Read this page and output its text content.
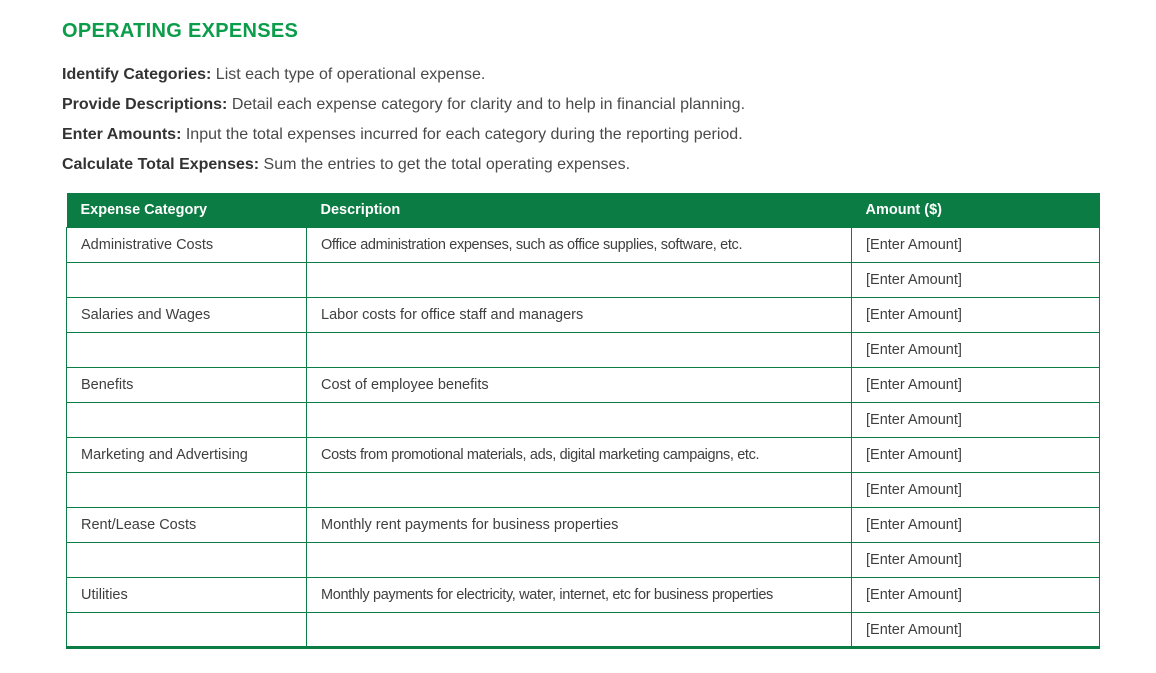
OPERATING EXPENSES
Identify Categories: List each type of operational expense.
Provide Descriptions: Detail each expense category for clarity and to help in financial planning.
Enter Amounts: Input the total expenses incurred for each category during the reporting period.
Calculate Total Expenses: Sum the entries to get the total operating expenses.
Expense Category	Description	Amount ($)
Administrative Costs	Office administration expenses, such as office supplies, software, etc.	[Enter Amount]
		[Enter Amount]
Salaries and Wages	Labor costs for office staff and managers	[Enter Amount]
		[Enter Amount]
Benefits	Cost of employee benefits	[Enter Amount]
		[Enter Amount]
Marketing and Advertising	Costs from promotional materials, ads, digital marketing campaigns, etc.	[Enter Amount]
		[Enter Amount]
Rent/Lease Costs	Monthly rent payments for business properties	[Enter Amount]
		[Enter Amount]
Utilities	Monthly payments for electricity, water, internet, etc for business properties	[Enter Amount]
		[Enter Amount]
